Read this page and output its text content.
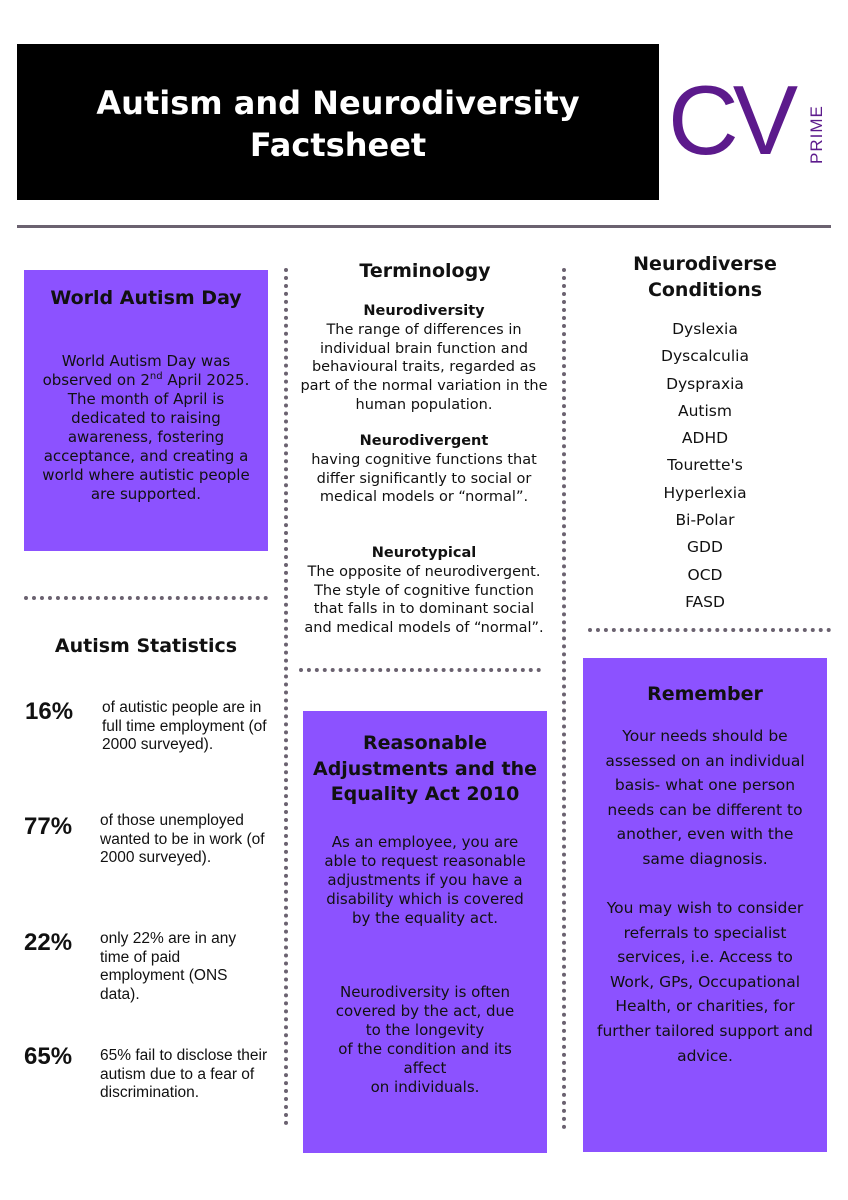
Autism and Neurodiversity
Factsheet	CV PRIME
World Autism Day

World Autism Day was observed on 2nd April 2025. The month of April is dedicated to raising awareness, fostering acceptance, and creating a world where autistic people are supported.

Autism Statistics
16% of autistic people are in full time employment (of 2000 surveyed).
77% of those unemployed wanted to be in work (of 2000 surveyed).
22% only 22% are in any time of paid employment (ONS data).
65% 65% fail to disclose their autism due to a fear of discrimination.
Terminology
Neurodiversity
The range of differences in individual brain function and behavioural traits, regarded as part of the normal variation in the human population.
Neurodivergent
having cognitive functions that differ significantly to social or medical models or “normal”.
Neurotypical
The opposite of neurodivergent. The style of cognitive function that falls in to dominant social and medical models of “normal”.
Reasonable Adjustments and the Equality Act 2010

As an employee, you are able to request reasonable adjustments if you have a disability which is covered by the equality act.

Neurodiversity is often
covered by the act, due
to the longevity
of the condition and its
affect
on individuals.

Neurodiverse Conditions
Dyslexia
Dyscalculia
Dyspraxia
Autism
ADHD
Tourette's
Hyperlexia
Bi-Polar
GDD
OCD
FASD
Remember

Your needs should be assessed on an individual basis- what one person needs can be different to another, even with the same diagnosis.

You may wish to consider referrals to specialist services, i.e. Access to Work, GPs, Occupational Health, or charities, for further tailored support and advice.
